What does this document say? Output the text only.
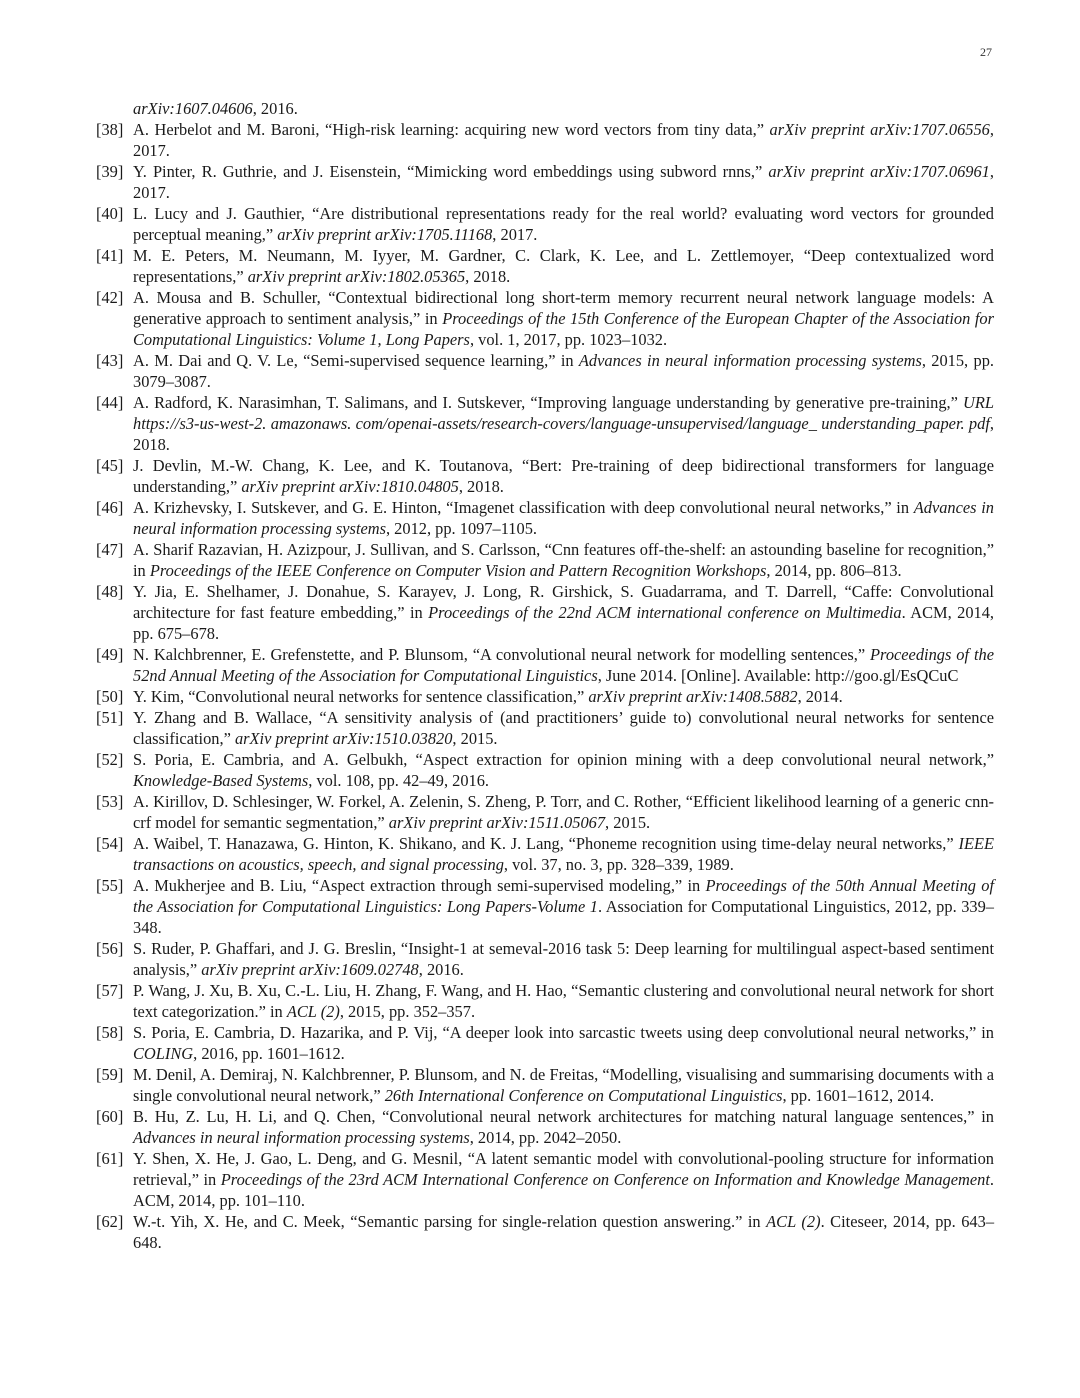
27
arXiv:1607.04606, 2016.
[38] A. Herbelot and M. Baroni, “High-risk learning: acquiring new word vectors from tiny data,” arXiv preprint arXiv:1707.06556, 2017.
[39] Y. Pinter, R. Guthrie, and J. Eisenstein, “Mimicking word embeddings using subword rnns,” arXiv preprint arXiv:1707.06961, 2017.
[40] L. Lucy and J. Gauthier, “Are distributional representations ready for the real world? evaluating word vectors for grounded perceptual meaning,” arXiv preprint arXiv:1705.11168, 2017.
[41] M. E. Peters, M. Neumann, M. Iyyer, M. Gardner, C. Clark, K. Lee, and L. Zettlemoyer, “Deep contextualized word representations,” arXiv preprint arXiv:1802.05365, 2018.
[42] A. Mousa and B. Schuller, “Contextual bidirectional long short-term memory recurrent neural network language models: A generative approach to sentiment analysis,” in Proceedings of the 15th Conference of the European Chapter of the Association for Computational Linguistics: Volume 1, Long Papers, vol. 1, 2017, pp. 1023–1032.
[43] A. M. Dai and Q. V. Le, “Semi-supervised sequence learning,” in Advances in neural information processing systems, 2015, pp. 3079–3087.
[44] A. Radford, K. Narasimhan, T. Salimans, and I. Sutskever, “Improving language understanding by generative pre-training,” URL https://s3-us-west-2. amazonaws. com/openai-assets/research-covers/language-unsupervised/language_ understanding_paper. pdf, 2018.
[45] J. Devlin, M.-W. Chang, K. Lee, and K. Toutanova, “Bert: Pre-training of deep bidirectional transformers for language understanding,” arXiv preprint arXiv:1810.04805, 2018.
[46] A. Krizhevsky, I. Sutskever, and G. E. Hinton, “Imagenet classification with deep convolutional neural networks,” in Advances in neural information processing systems, 2012, pp. 1097–1105.
[47] A. Sharif Razavian, H. Azizpour, J. Sullivan, and S. Carlsson, “Cnn features off-the-shelf: an astounding baseline for recognition,” in Proceedings of the IEEE Conference on Computer Vision and Pattern Recognition Workshops, 2014, pp. 806–813.
[48] Y. Jia, E. Shelhamer, J. Donahue, S. Karayev, J. Long, R. Girshick, S. Guadarrama, and T. Darrell, “Caffe: Convolutional architecture for fast feature embedding,” in Proceedings of the 22nd ACM international conference on Multimedia. ACM, 2014, pp. 675–678.
[49] N. Kalchbrenner, E. Grefenstette, and P. Blunsom, “A convolutional neural network for modelling sentences,” Proceedings of the 52nd Annual Meeting of the Association for Computational Linguistics, June 2014. [Online]. Available: http://goo.gl/EsQCuC
[50] Y. Kim, “Convolutional neural networks for sentence classification,” arXiv preprint arXiv:1408.5882, 2014.
[51] Y. Zhang and B. Wallace, “A sensitivity analysis of (and practitioners’ guide to) convolutional neural networks for sentence classification,” arXiv preprint arXiv:1510.03820, 2015.
[52] S. Poria, E. Cambria, and A. Gelbukh, “Aspect extraction for opinion mining with a deep convolutional neural network,” Knowledge-Based Systems, vol. 108, pp. 42–49, 2016.
[53] A. Kirillov, D. Schlesinger, W. Forkel, A. Zelenin, S. Zheng, P. Torr, and C. Rother, “Efficient likelihood learning of a generic cnn-crf model for semantic segmentation,” arXiv preprint arXiv:1511.05067, 2015.
[54] A. Waibel, T. Hanazawa, G. Hinton, K. Shikano, and K. J. Lang, “Phoneme recognition using time-delay neural networks,” IEEE transactions on acoustics, speech, and signal processing, vol. 37, no. 3, pp. 328–339, 1989.
[55] A. Mukherjee and B. Liu, “Aspect extraction through semi-supervised modeling,” in Proceedings of the 50th Annual Meeting of the Association for Computational Linguistics: Long Papers-Volume 1. Association for Computational Linguistics, 2012, pp. 339–348.
[56] S. Ruder, P. Ghaffari, and J. G. Breslin, “Insight-1 at semeval-2016 task 5: Deep learning for multilingual aspect-based sentiment analysis,” arXiv preprint arXiv:1609.02748, 2016.
[57] P. Wang, J. Xu, B. Xu, C.-L. Liu, H. Zhang, F. Wang, and H. Hao, “Semantic clustering and convolutional neural network for short text categorization.” in ACL (2), 2015, pp. 352–357.
[58] S. Poria, E. Cambria, D. Hazarika, and P. Vij, “A deeper look into sarcastic tweets using deep convolutional neural networks,” in COLING, 2016, pp. 1601–1612.
[59] M. Denil, A. Demiraj, N. Kalchbrenner, P. Blunsom, and N. de Freitas, “Modelling, visualising and summarising documents with a single convolutional neural network,” 26th International Conference on Computational Linguistics, pp. 1601–1612, 2014.
[60] B. Hu, Z. Lu, H. Li, and Q. Chen, “Convolutional neural network architectures for matching natural language sentences,” in Advances in neural information processing systems, 2014, pp. 2042–2050.
[61] Y. Shen, X. He, J. Gao, L. Deng, and G. Mesnil, “A latent semantic model with convolutional-pooling structure for information retrieval,” in Proceedings of the 23rd ACM International Conference on Conference on Information and Knowledge Management. ACM, 2014, pp. 101–110.
[62] W.-t. Yih, X. He, and C. Meek, “Semantic parsing for single-relation question answering.” in ACL (2). Citeseer, 2014, pp. 643–648.
